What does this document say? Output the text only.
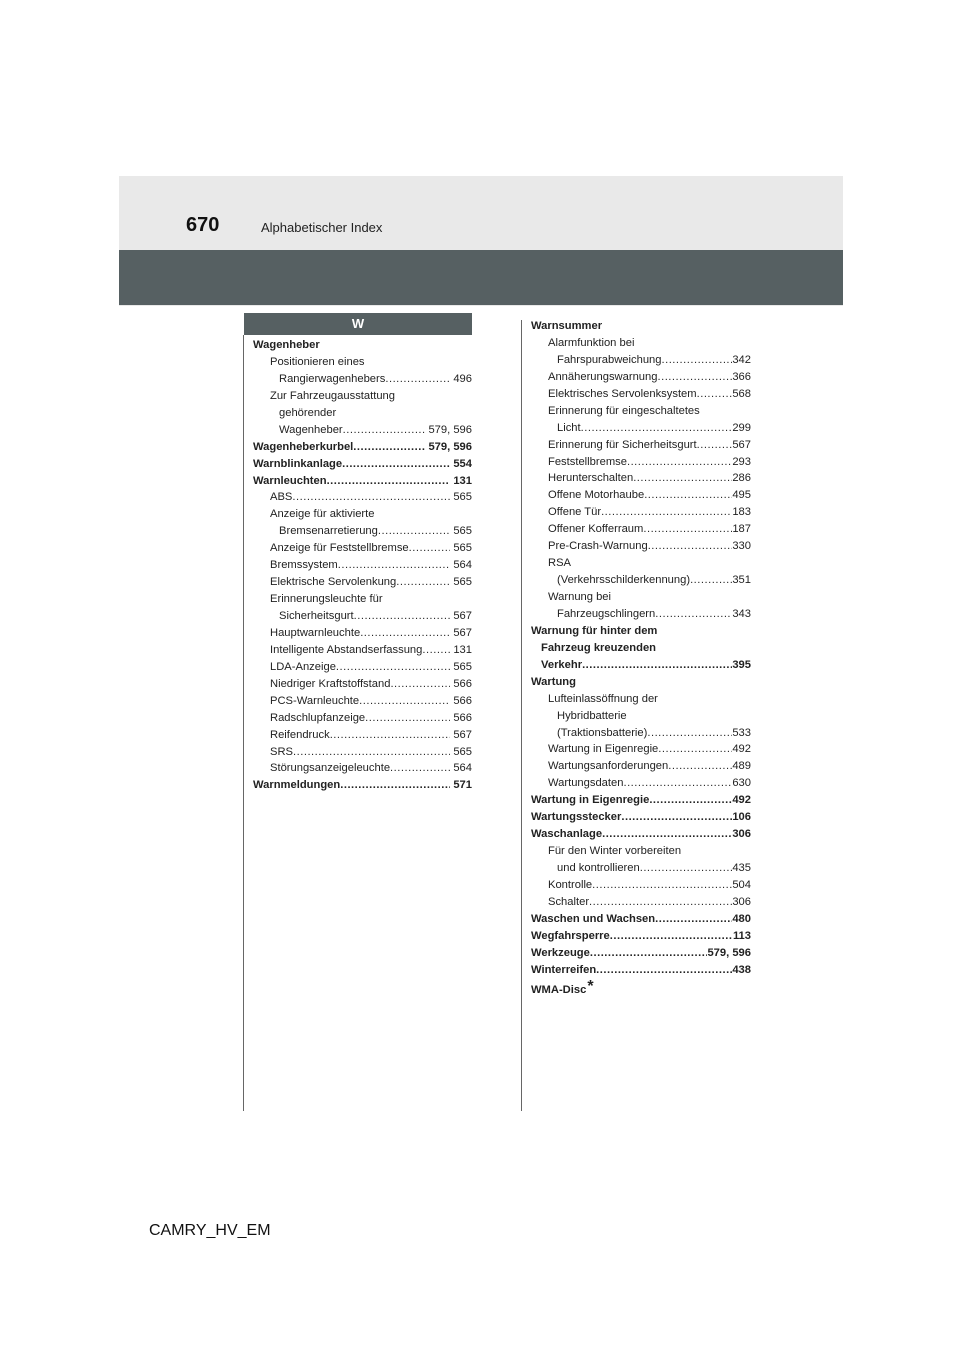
670	Alphabetischer Index
W
Wagenheber
Positionieren eines
Rangierwagenhebers .....	496
Zur Fahrzeugausstattung
gehörender
Wagenheber .....	579, 596
Wagenheberkurbel .....	579, 596
Warnblinkanlage .....	554
Warnleuchten .....	131
ABS .....	565
Anzeige für aktivierte
Bremsenarretierung .....	565
Anzeige für Feststellbremse .....	565
Bremssystem .....	564
Elektrische Servolenkung .....	565
Erinnerungsleuchte für
Sicherheitsgurt .....	567
Hauptwarnleuchte .....	567
Intelligente Abstandserfassung .....	131
LDA-Anzeige .....	565
Niedriger Kraftstoffstand .....	566
PCS-Warnleuchte .....	566
Radschlupfanzeige .....	566
Reifendruck .....	567
SRS .....	565
Störungsanzeigeleuchte .....	564
Warnmeldungen .....	571
Warnsummer
Alarmfunktion bei
Fahrspurabweichung .....	342
Annäherungswarnung .....	366
Elektrisches Servolenksystem .....	568
Erinnerung für eingeschaltetes
Licht .....	299
Erinnerung für Sicherheitsgurt .....	567
Feststellbremse .....	293
Herunterschalten .....	286
Offene Motorhaube .....	495
Offene Tür .....	183
Offener Kofferraum .....	187
Pre-Crash-Warnung .....	330
RSA
(Verkehrsschilderkennung) .....	351
Warnung bei
Fahrzeugschlingern .....	343
Warnung für hinter dem
Fahrzeug kreuzenden
Verkehr .....	395
Wartung
Lufteinlassöffnung der
Hybridbatterie
(Traktionsbatterie) .....	533
Wartung in Eigenregie .....	492
Wartungsanforderungen .....	489
Wartungsdaten .....	630
Wartung in Eigenregie .....	492
Wartungsstecker .....	106
Waschanlage .....	306
Für den Winter vorbereiten
und kontrollieren .....	435
Kontrolle .....	504
Schalter .....	306
Waschen und Wachsen .....	480
Wegfahrsperre .....	113
Werkzeuge .....	579, 596
Winterreifen .....	438
WMA-Disc*
CAMRY_HV_EM
